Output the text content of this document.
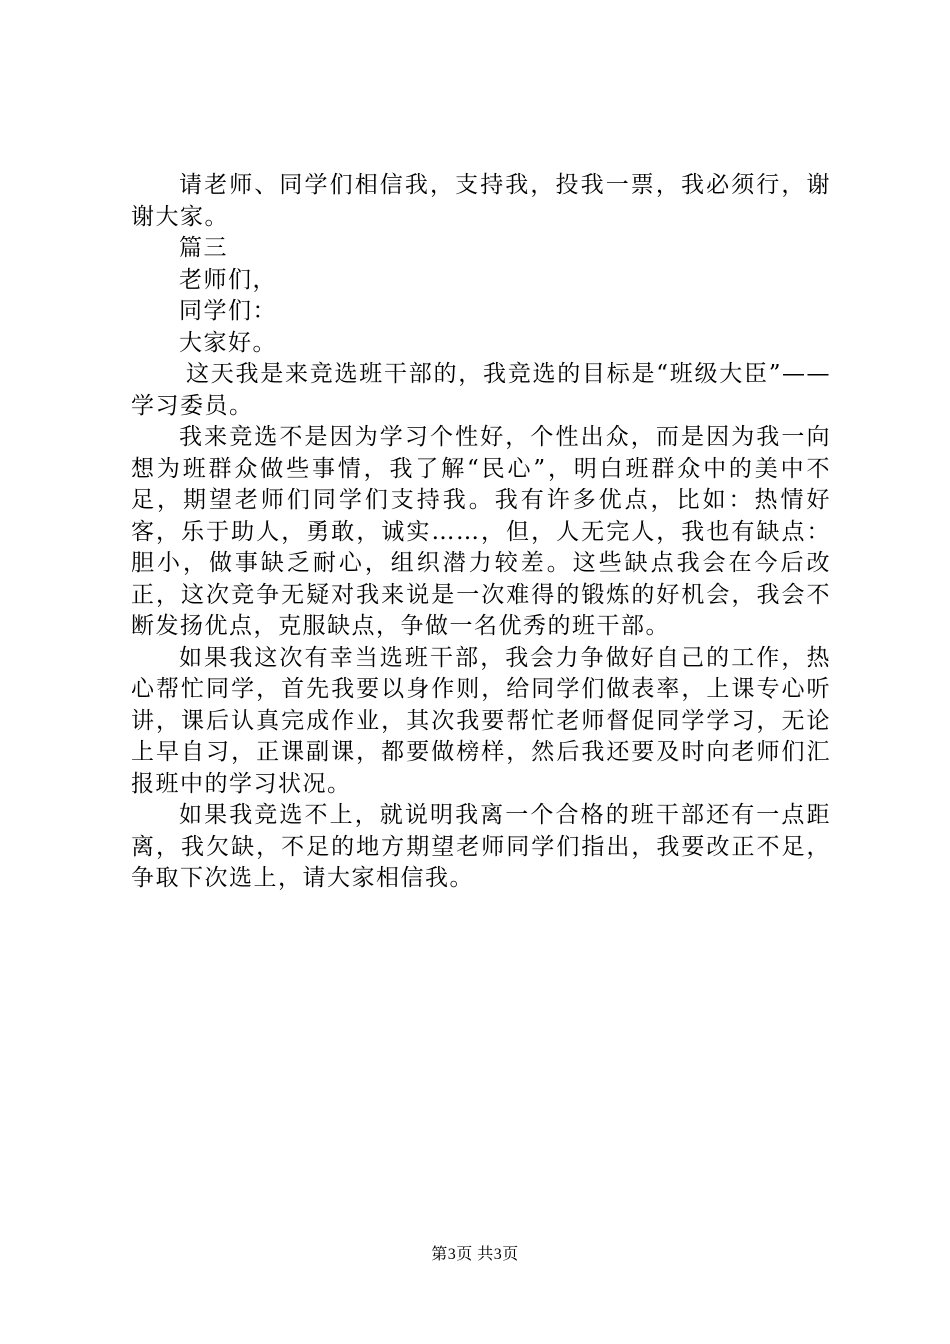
请老师、同学们相信我，支持我，投我一票，我必须行，谢谢大家。

篇三

老师们，

同学们：

大家好。

这天我是来竞选班干部的，我竞选的目标是“班级大臣”——学习委员。

我来竞选不是因为学习个性好，个性出众，而是因为我一向想为班群众做些事情，我了解“民心”，明白班群众中的美中不足，期望老师们同学们支持我。我有许多优点，比如：热情好客，乐于助人，勇敢，诚实……，但，人无完人，我也有缺点：胆小，做事缺乏耐心，组织潜力较差。这些缺点我会在今后改正，这次竞争无疑对我来说是一次难得的锻炼的好机会，我会不断发扬优点，克服缺点，争做一名优秀的班干部。

如果我这次有幸当选班干部，我会力争做好自己的工作，热心帮忙同学，首先我要以身作则，给同学们做表率，上课专心听讲，课后认真完成作业，其次我要帮忙老师督促同学学习，无论上早自习，正课副课，都要做榜样，然后我还要及时向老师们汇报班中的学习状况。

如果我竞选不上，就说明我离一个合格的班干部还有一点距离，我欠缺，不足的地方期望老师同学们指出，我要改正不足，争取下次选上，请大家相信我。

第3页 共3页
